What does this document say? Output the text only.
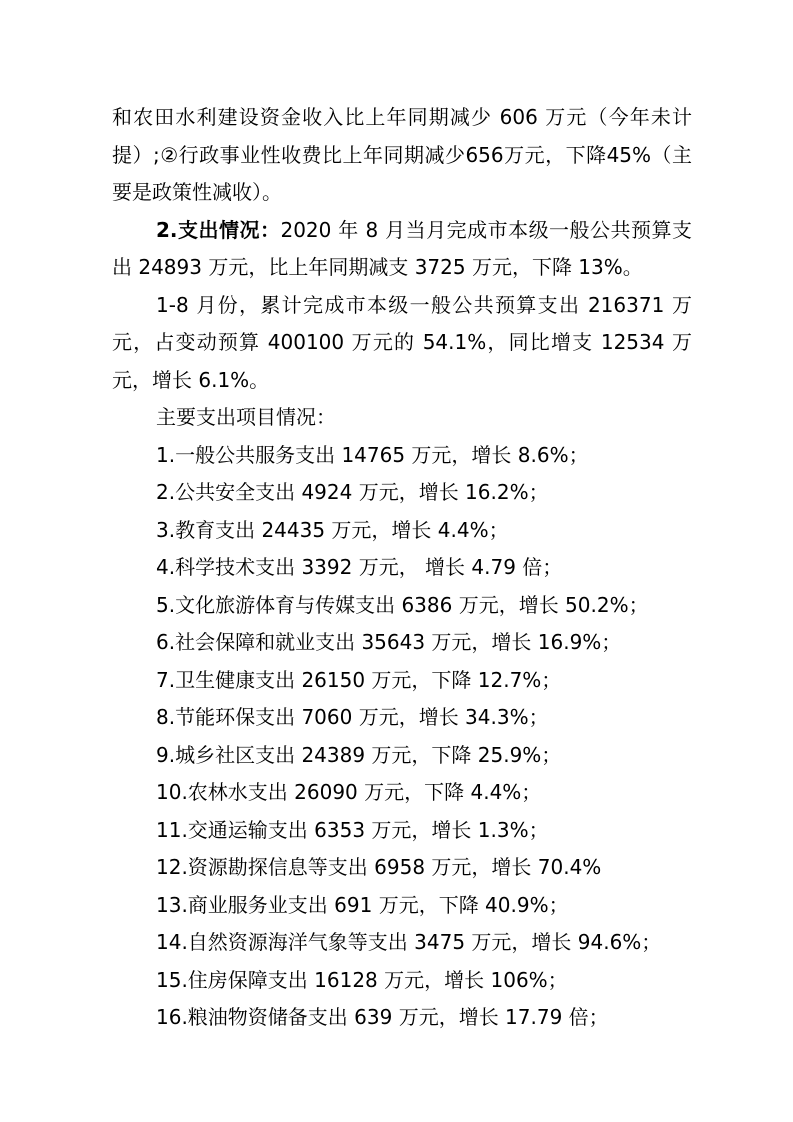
和农田水利建设资金收入比上年同期减少 606 万元（今年未计提）;②行政事业性收费比上年同期减少656万元，下降45%（主要是政策性减收）。

2.支出情况：2020 年 8 月当月完成市本级一般公共预算支出 24893 万元，比上年同期减支 3725 万元，下降 13%。

1-8 月份，累计完成市本级一般公共预算支出 216371 万元，占变动预算 400100 万元的 54.1%，同比增支 12534 万元，增长 6.1%。

主要支出项目情况：

1.一般公共服务支出 14765 万元，增长 8.6%；
2.公共安全支出 4924 万元，增长 16.2%；
3.教育支出 24435 万元，增长 4.4%；
4.科学技术支出 3392 万元， 增长 4.79 倍；
5.文化旅游体育与传媒支出 6386 万元，增长 50.2%；
6.社会保障和就业支出 35643 万元，增长 16.9%；
7.卫生健康支出 26150 万元，下降 12.7%；
8.节能环保支出 7060 万元，增长 34.3%；
9.城乡社区支出 24389 万元，下降 25.9%；
10.农林水支出 26090 万元，下降 4.4%；
11.交通运输支出 6353 万元，增长 1.3%；
12.资源勘探信息等支出 6958 万元，增长 70.4%
13.商业服务业支出 691 万元，下降 40.9%；
14.自然资源海洋气象等支出 3475 万元，增长 94.6%；
15.住房保障支出 16128 万元，增长 106%；
16.粮油物资储备支出 639 万元，增长 17.79 倍；
